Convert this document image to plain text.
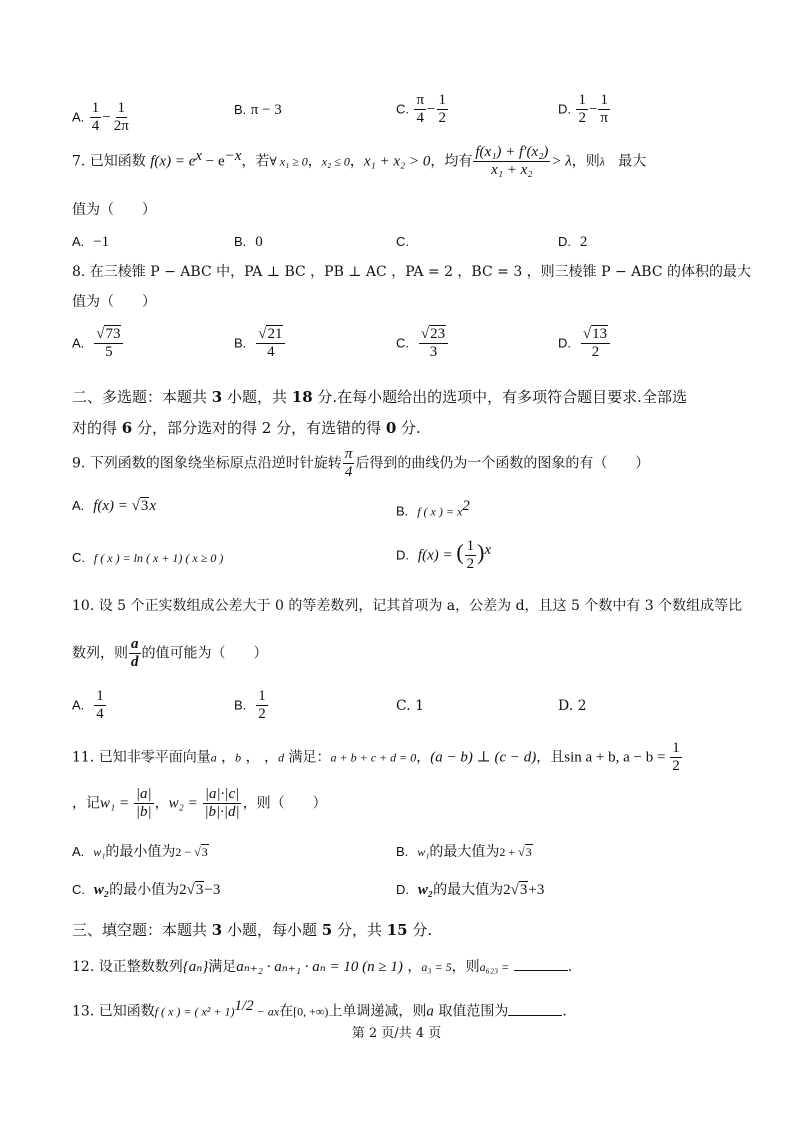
A. $\frac{1}{4} - \frac{1}{2\pi}$	B. π − 3	C. $\frac{\pi}{4} - \frac{1}{2}$	D. $\frac{1}{2} - \frac{1}{\pi}$
7. 已知函数 $f(x) = e^x - e^{-x}$，若∀ x₁ ≥ 0，x₂ ≤ 0，x₁ + x₂ > 0，均有 $\frac{\text{f(x₁) + f′(x₂)}}{\text{x₁ + x₂}} > \lambda$，则λ 最大
值为（　　）
A. −1	B. 0	C.	D. 2
8. 在三棱锥 P − ABC 中，PA ⊥ BC ，PB ⊥ AC ，PA = 2 ，BC = 3 ，则三棱锥 P − ABC 的体积的最大
值为（　　）
A. $\frac{√73}{5}$	B. $\frac{√21}{4}$	C. $\frac{√23}{3}$	D. $\frac{√13}{2}$
二、多选题：本题共 3 小题，共 18 分.在每小题给出的选项中，有多项符合题目要求.全部选
对的得 6 分，部分选对的得 2 分，有选错的得 0 分.
9. 下列函数的图象绕坐标原点沿逆时针旋转 $\frac{\pi}{4}$ 后得到的曲线仍为一个函数的图象的有（　　）
A. f(x) = √3x	B. f ( x ) = $x^2$
C. f ( x ) = ln ( x + 1) ( x ≥ 0 )	D. f(x) = ( $\frac{1}{2} )^x$
10. 设 5 个正实数组成公差大于 0 的等差数列，记其首项为 a，公差为 d，且这 5 个数中有 3 个数组成等比
数列，则 $\frac{a}{d}$ 的值可能为（　　）
A. $\frac{1}{4}$	B. $\frac{1}{2}$	C. 1	D. 2
11. 已知非零平面向量a ，b ， ，d 满足：a + b + c + d = 0，(a − b) ⊥ (c − d)，且sin a + b, $a - b = \frac{1}{2}$
，记$w_1 = \frac{|a|}{|b|}$ ，$w_2 = \frac{|a|\cdot|c|}{|b|\cdot|d|}$ ，则（　　）
A. w₁的最小值为2 − √3	B. w₁的最大值为2 + √3
C. w₂的最小值为2√3−3	D. w₂的最大值为2√3+3
三、填空题：本题共 3 小题，每小题 5 分，共 15 分.
12. 设正整数数列{aₙ}满足aₙ₊₂ · aₙ₊₁ · aₙ = 10 (n ≥ 1) ，a₃ = 5，则a₆₂₃ =	.
13. 已知函数f ( x ) = ( x² + 1)$^{1/2}$ − ax在[0, +∞)上单调递减，则a 取值范围为	.
第 2 页/共 4 页
